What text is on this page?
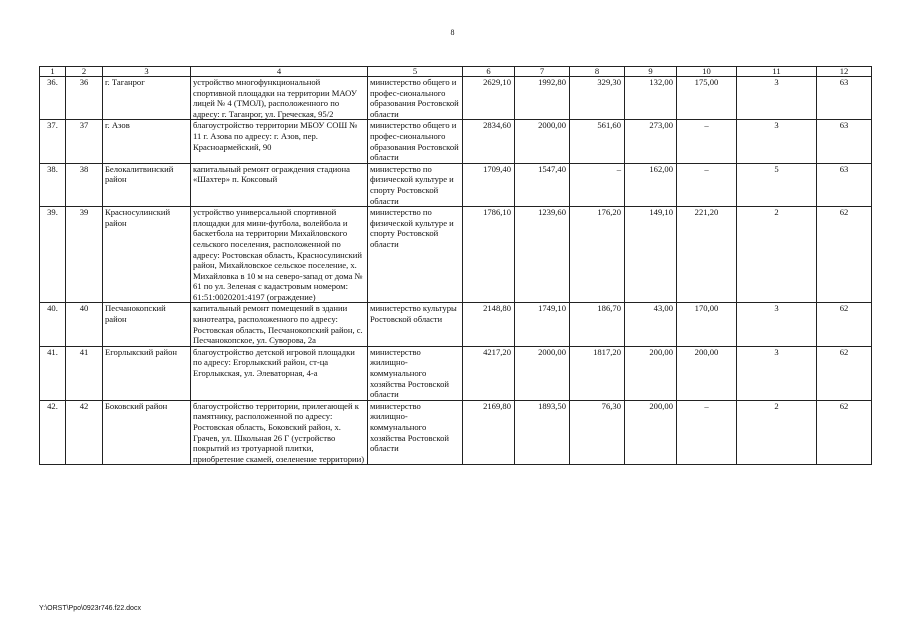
8
1	2	3	4	5	6	7	8	9	10	11	12
36.	36	г. Таганрог	устройство многофункциональной спортивной площадки на территории МАОУ лицей № 4 (ТМОЛ), расположенного по адресу: г. Таганрог, ул. Греческая, 95/2	министерство общего и профес-сионального образования Ростовской области	2629,10	1992,80	329,30	132,00	175,00	3	63
37.	37	г. Азов	благоустройство территории МБОУ СОШ № 11 г. Азова по адресу: г. Азов, пер. Красноармейский, 90	министерство общего и профес-сионального образования Ростовской области	2834,60	2000,00	561,60	273,00	–	3	63
38.	38	Белокалитвинский район	капитальный ремонт ограждения стадиона «Шахтер» п. Коксовый	министерство по физической культуре и спорту Ростовской области	1709,40	1547,40	–	162,00	–	5	63
39.	39	Красносулинский район	устройство универсальной спортивной площадки для мини-футбола, волейбола и баскетбола на территории Михайловского сельского поселения, расположенной по адресу: Ростовская область, Красносулинский район, Михайловское сельское поселение, х. Михайловка в 10 м на северо-запад от дома № 61 по ул. Зеленая с кадастровым номером: 61:51:0020201:4197 (ограждение)	министерство по физической культуре и спорту Ростовской области	1786,10	1239,60	176,20	149,10	221,20	2	62
40.	40	Песчанокопский район	капитальный ремонт помещений в здании кинотеатра, расположенного по адресу: Ростовская область, Песчанокопский район, с. Песчанокопское, ул. Суворова, 2а	министерство культуры Ростовской области	2148,80	1749,10	186,70	43,00	170,00	3	62
41.	41	Егорлыкский район	благоустройство детской игровой площадки по адресу: Егорлыкский район, ст-ца Егорлыкская, ул. Элеваторная, 4-а	министерство жилищно-коммунального хозяйства Ростовской области	4217,20	2000,00	1817,20	200,00	200,00	3	62
42.	42	Боковский район	благоустройство территории, прилегающей к памятнику, расположенной по адресу: Ростовская область, Боковский район, х. Грачев, ул. Школьная 26 Г (устройство покрытий из тротуарной плитки, приобретение скамей, озеленение территории)	министерство жилищно-коммунального хозяйства Ростовской области	2169,80	1893,50	76,30	200,00	–	2	62
Y:\ORST\Ppo\0923r746.f22.docx
